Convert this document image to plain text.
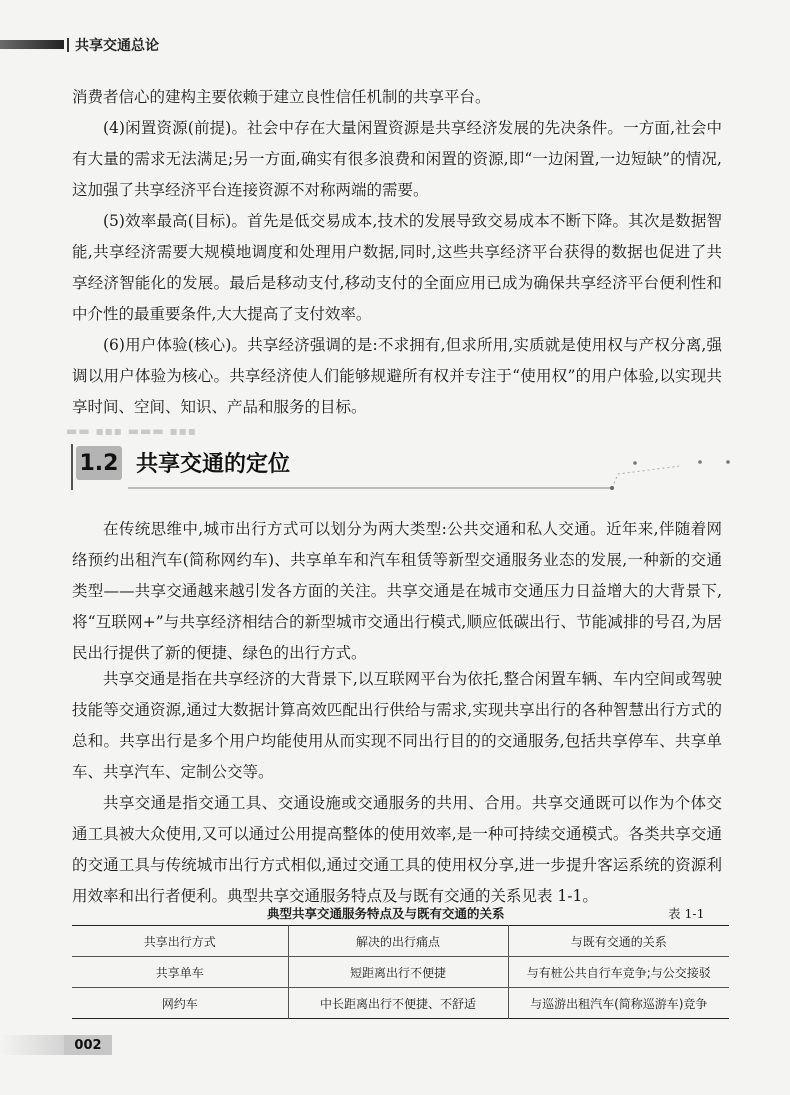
共享交通总论

消费者信心的建构主要依赖于建立良性信任机制的共享平台。

(4)闲置资源(前提)。社会中存在大量闲置资源是共享经济发展的先决条件。一方面,社会中有大量的需求无法满足;另一方面,确实有很多浪费和闲置的资源,即“一边闲置,一边短缺”的情况,这加强了共享经济平台连接资源不对称两端的需要。

(5)效率最高(目标)。首先是低交易成本,技术的发展导致交易成本不断下降。其次是数据智能,共享经济需要大规模地调度和处理用户数据,同时,这些共享经济平台获得的数据也促进了共享经济智能化的发展。最后是移动支付,移动支付的全面应用已成为确保共享经济平台便利性和中介性的最重要条件,大大提高了支付效率。

(6)用户体验(核心)。共享经济强调的是:不求拥有,但求所用,实质就是使用权与产权分离,强调以用户体验为核心。共享经济使人们能够规避所有权并专注于“使用权”的用户体验,以实现共享时间、空间、知识、产品和服务的目标。

▬▬ ▪▪▪ ▬▬▬ ▪▪▪
1.2 共享交通的定位

在传统思维中,城市出行方式可以划分为两大类型:公共交通和私人交通。近年来,伴随着网络预约出租汽车(简称网约车)、共享单车和汽车租赁等新型交通服务业态的发展,一种新的交通类型——共享交通越来越引发各方面的关注。共享交通是在城市交通压力日益增大的大背景下,将“互联网+”与共享经济相结合的新型城市交通出行模式,顺应低碳出行、节能减排的号召,为居民出行提供了新的便捷、绿色的出行方式。

共享交通是指在共享经济的大背景下,以互联网平台为依托,整合闲置车辆、车内空间或驾驶技能等交通资源,通过大数据计算高效匹配出行供给与需求,实现共享出行的各种智慧出行方式的总和。共享出行是多个用户均能使用从而实现不同出行目的的交通服务,包括共享停车、共享单车、共享汽车、定制公交等。

共享交通是指交通工具、交通设施或交通服务的共用、合用。共享交通既可以作为个体交通工具被大众使用,又可以通过公用提高整体的使用效率,是一种可持续交通模式。各类共享交通的交通工具与传统城市出行方式相似,通过交通工具的使用权分享,进一步提升客运系统的资源利用效率和出行者便利。典型共享交通服务特点及与既有交通的关系见表 1-1。

典型共享交通服务特点及与既有交通的关系	表 1-1
共享出行方式	解决的出行痛点	与既有交通的关系
共享单车	短距离出行不便捷	与有桩公共自行车竞争;与公交接驳
网约车	中长距离出行不便捷、不舒适	与巡游出租汽车(简称巡游车)竞争
002
